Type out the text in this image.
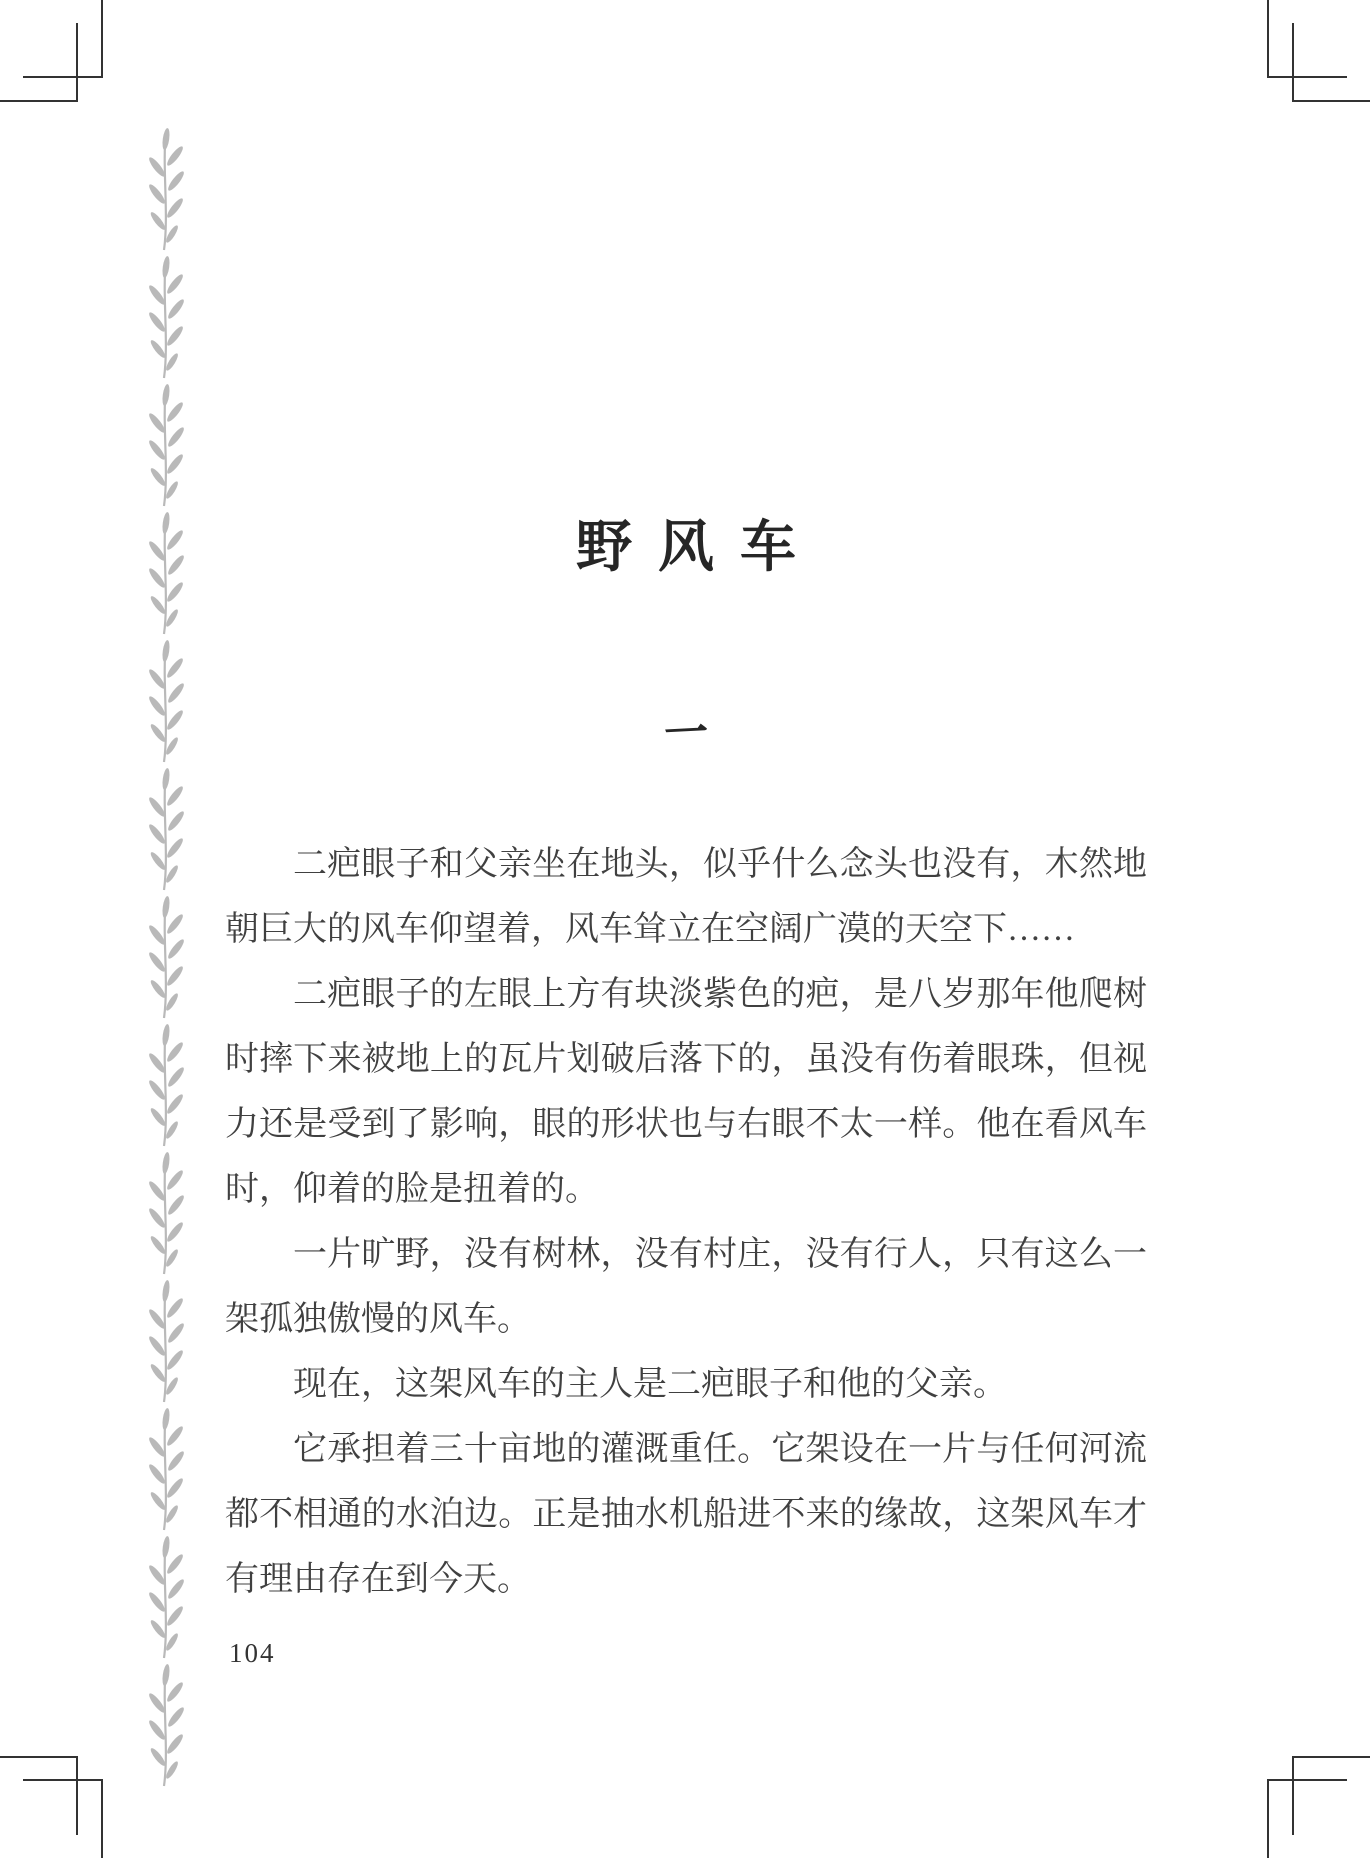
野风车
一

二疤眼子和父亲坐在地头，似乎什么念头也没有，木然地朝巨大的风车仰望着，风车耸立在空阔广漠的天空下……

二疤眼子的左眼上方有块淡紫色的疤，是八岁那年他爬树时摔下来被地上的瓦片划破后落下的，虽没有伤着眼珠，但视力还是受到了影响，眼的形状也与右眼不太一样。他在看风车时，仰着的脸是扭着的。

一片旷野，没有树林，没有村庄，没有行人，只有这么一架孤独傲慢的风车。

现在，这架风车的主人是二疤眼子和他的父亲。

它承担着三十亩地的灌溉重任。它架设在一片与任何河流都不相通的水泊边。正是抽水机船进不来的缘故，这架风车才有理由存在到今天。

104
